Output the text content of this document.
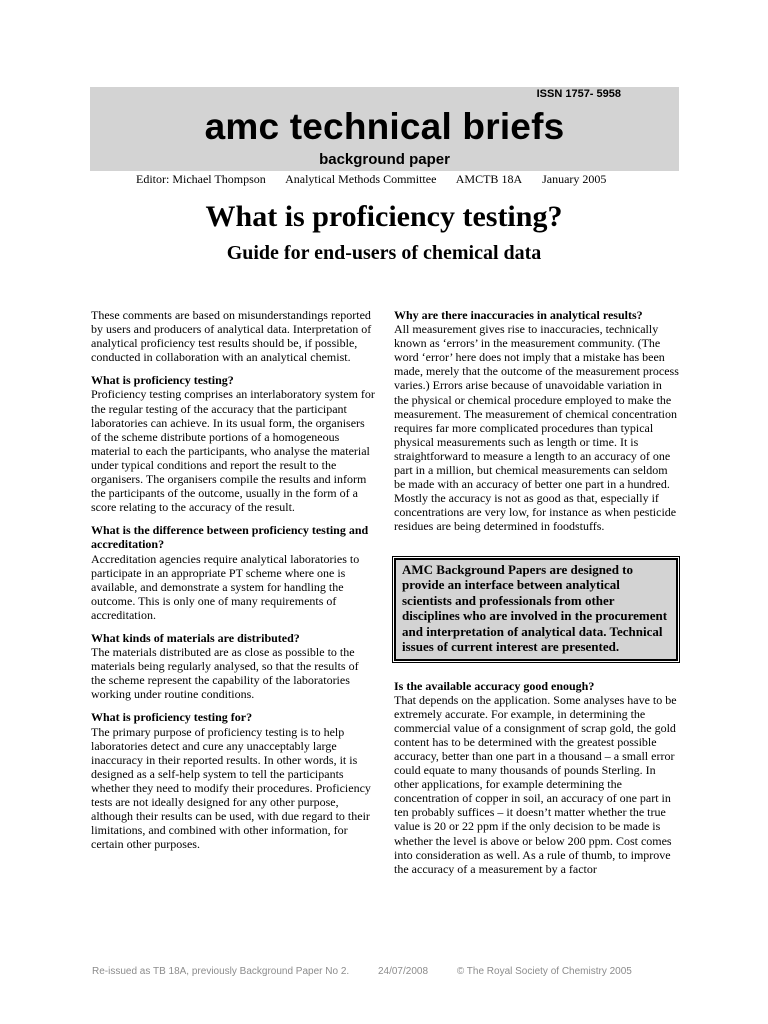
ISSN 1757- 5958
amc technical briefs
background paper
Editor: Michael Thompson Analytical Methods Committee AMCTB 18A January 2005
What is proficiency testing?
Guide for end-users of chemical data

These comments are based on misunderstandings reported by users and producers of analytical data. Interpretation of analytical proficiency test results should be, if possible, conducted in collaboration with an analytical chemist.

What is proficiency testing?

Proficiency testing comprises an interlaboratory system for the regular testing of the accuracy that the participant laboratories can achieve. In its usual form, the organisers of the scheme distribute portions of a homogeneous material to each the participants, who analyse the material under typical conditions and report the result to the organisers. The organisers compile the results and inform the participants of the outcome, usually in the form of a score relating to the accuracy of the result.

What is the difference between proficiency testing and accreditation?

Accreditation agencies require analytical laboratories to participate in an appropriate PT scheme where one is available, and demonstrate a system for handling the outcome. This is only one of many requirements of accreditation.

What kinds of materials are distributed?

The materials distributed are as close as possible to the materials being regularly analysed, so that the results of the scheme represent the capability of the laboratories working under routine conditions.

What is proficiency testing for?

The primary purpose of proficiency testing is to help laboratories detect and cure any unacceptably large inaccuracy in their reported results. In other words, it is designed as a self-help system to tell the participants whether they need to modify their procedures. Proficiency tests are not ideally designed for any other purpose, although their results can be used, with due regard to their limitations, and combined with other information, for certain other purposes.

Why are there inaccuracies in analytical results?

All measurement gives rise to inaccuracies, technically known as ‘errors’ in the measurement community. (The word ‘error’ here does not imply that a mistake has been made, merely that the outcome of the measurement process varies.) Errors arise because of unavoidable variation in the physical or chemical procedure employed to make the measurement. The measurement of chemical concentration requires far more complicated procedures than typical physical measurements such as length or time. It is straightforward to measure a length to an accuracy of one part in a million, but chemical measurements can seldom be made with an accuracy of better one part in a hundred. Mostly the accuracy is not as good as that, especially if concentrations are very low, for instance as when pesticide residues are being determined in foodstuffs.

AMC Background Papers are designed to provide an interface between analytical scientists and professionals from other disciplines who are involved in the procurement and interpretation of analytical data. Technical issues of current interest are presented.
Is the available accuracy good enough?

That depends on the application. Some analyses have to be extremely accurate. For example, in determining the commercial value of a consignment of scrap gold, the gold content has to be determined with the greatest possible accuracy, better than one part in a thousand – a small error could equate to many thousands of pounds Sterling. In other applications, for example determining the concentration of copper in soil, an accuracy of one part in ten probably suffices – it doesn’t matter whether the true value is 20 or 22 ppm if the only decision to be made is whether the level is above or below 200 ppm. Cost comes into consideration as well. As a rule of thumb, to improve the accuracy of a measurement by a factor

Re-issued as TB 18A, previously Background Paper No 2.	24/07/2008	© The Royal Society of Chemistry 2005
